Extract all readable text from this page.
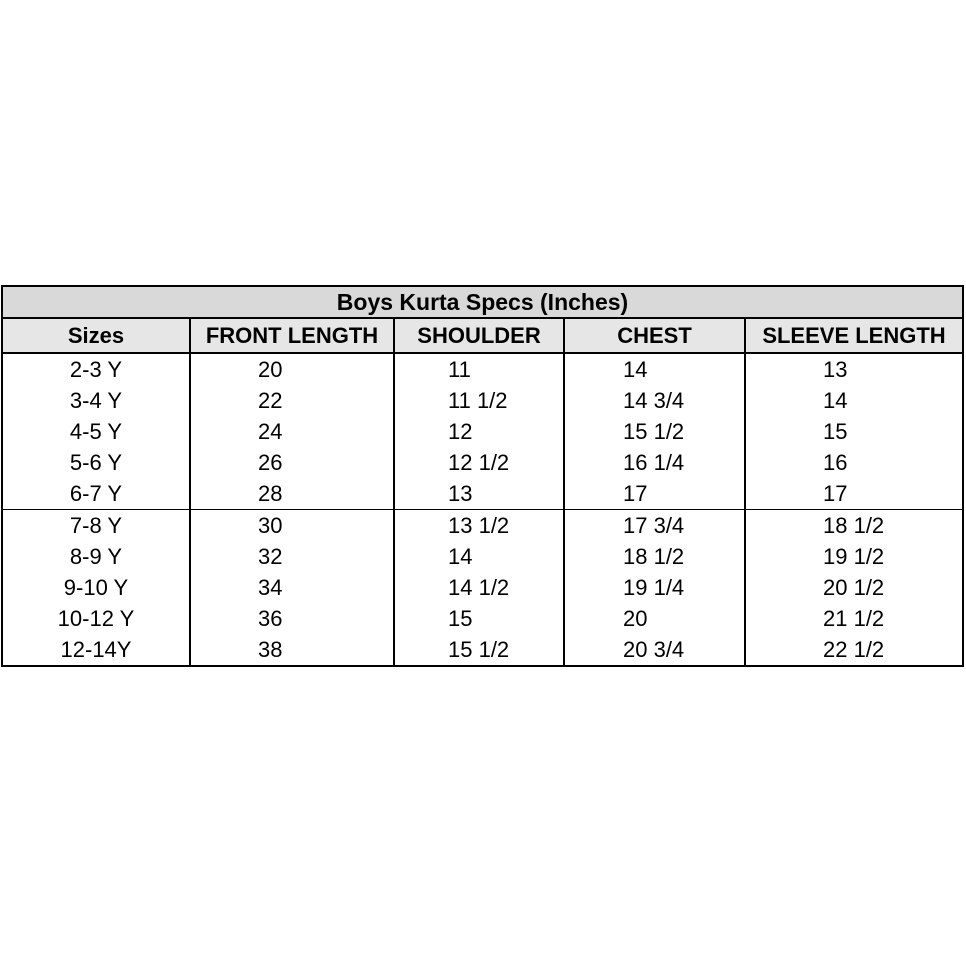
Boys Kurta Specs (Inches)
Sizes	FRONT LENGTH	SHOULDER	CHEST	SLEEVE LENGTH
2-3 Y	20	11	14	13
3-4 Y	22	11 1/2	14 3/4	14
4-5 Y	24	12	15 1/2	15
5-6 Y	26	12 1/2	16 1/4	16
6-7 Y	28	13	17	17
7-8 Y	30	13 1/2	17 3/4	18 1/2
8-9 Y	32	14	18 1/2	19 1/2
9-10 Y	34	14 1/2	19 1/4	20 1/2
10-12 Y	36	15	20	21 1/2
12-14Y	38	15 1/2	20 3/4	22 1/2
